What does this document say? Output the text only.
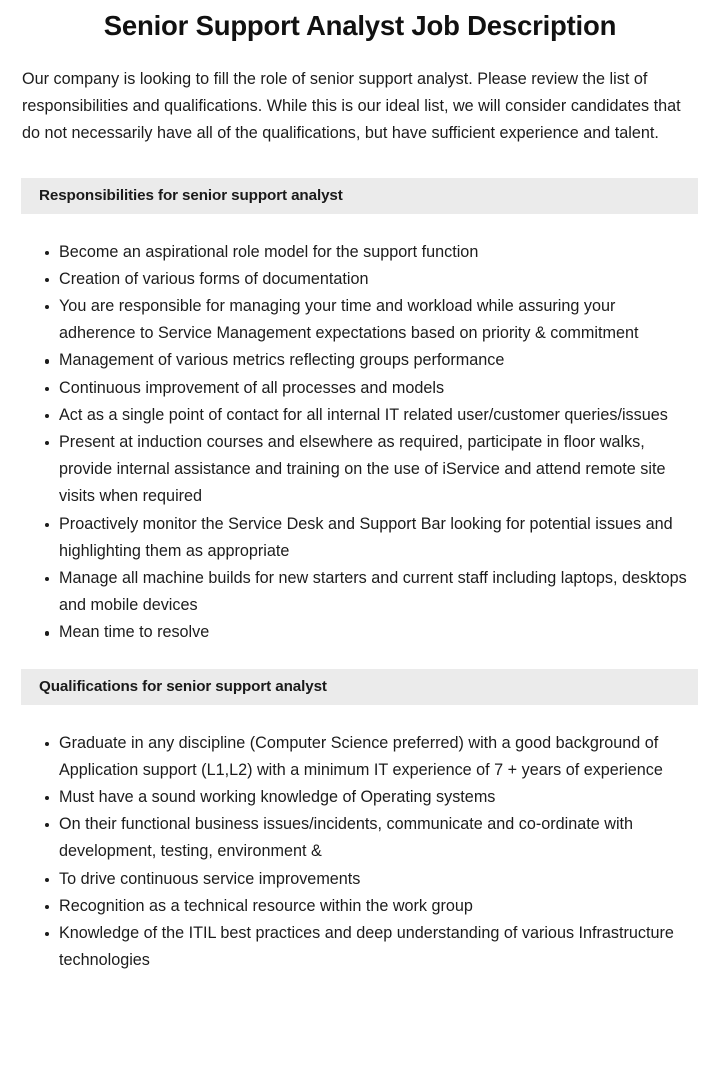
Senior Support Analyst Job Description

Our company is looking to fill the role of senior support analyst. Please review the list of responsibilities and qualifications. While this is our ideal list, we will consider candidates that do not necessarily have all of the qualifications, but have sufficient experience and talent.

Responsibilities for senior support analyst
Become an aspirational role model for the support function
Creation of various forms of documentation
You are responsible for managing your time and workload while assuring your adherence to Service Management expectations based on priority & commitment
Management of various metrics reflecting groups performance
Continuous improvement of all processes and models
Act as a single point of contact for all internal IT related user/customer queries/issues
Present at induction courses and elsewhere as required, participate in floor walks, provide internal assistance and training on the use of iService and attend remote site visits when required
Proactively monitor the Service Desk and Support Bar looking for potential issues and highlighting them as appropriate
Manage all machine builds for new starters and current staff including laptops, desktops and mobile devices
Mean time to resolve
Qualifications for senior support analyst
Graduate in any discipline (Computer Science preferred) with a good background of Application support (L1,L2) with a minimum IT experience of 7 + years of experience
Must have a sound working knowledge of Operating systems
On their functional business issues/incidents, communicate and co-ordinate with development, testing, environment &
To drive continuous service improvements
Recognition as a technical resource within the work group
Knowledge of the ITIL best practices and deep understanding of various Infrastructure technologies
